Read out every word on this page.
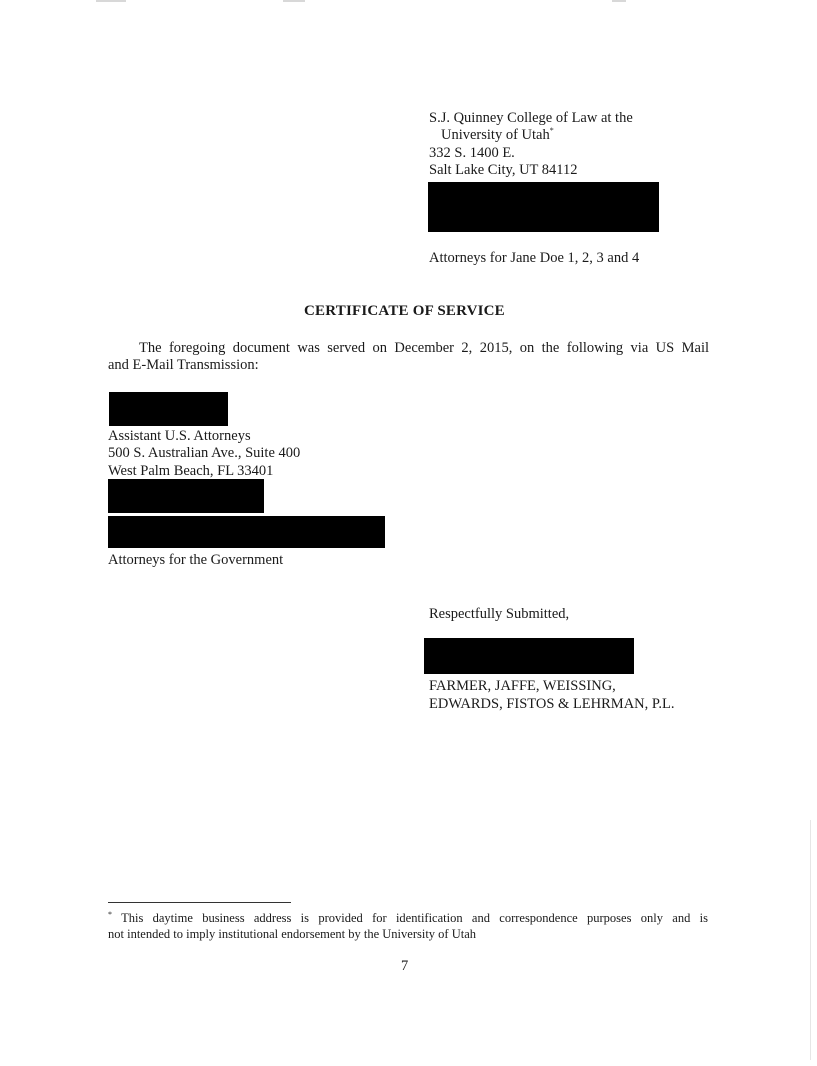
S.J. Quinney College of Law at the
University of Utah*
332 S. 1400 E.
Salt Lake City, UT 84112
Attorneys for Jane Doe 1, 2, 3 and 4
CERTIFICATE OF SERVICE
The foregoing document was served on December 2, 2015, on the following via US Mail
and E-Mail Transmission:
Assistant U.S. Attorneys
500 S. Australian Ave., Suite 400
West Palm Beach, FL 33401
Attorneys for the Government
Respectfully Submitted,
FARMER, JAFFE, WEISSING,
EDWARDS, FISTOS & LEHRMAN, P.L.
* This daytime business address is provided for identification and correspondence purposes only and is
not intended to imply institutional endorsement by the University of Utah
7
